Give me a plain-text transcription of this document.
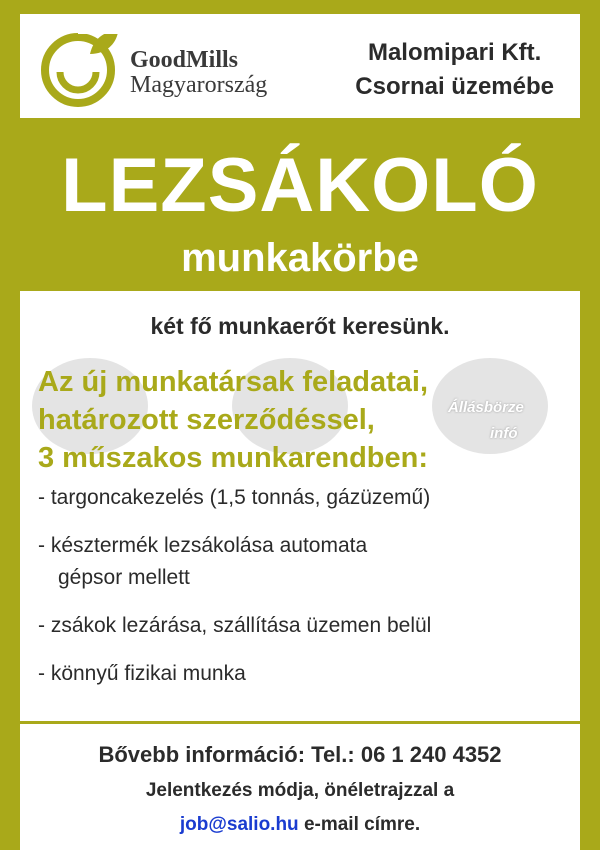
GoodMills
Magyarország
Malomipari Kft.
Csornai üzemébe
LEZSÁKOLÓ
munkakörbe
két fő munkaerőt keresünk.
Állásbörze
infó
Az új munkatársak feladatai,
határozott szerződéssel,
3 műszakos munkarendben:
- targoncakezelés (1,5 tonnás, gázüzemű)
- késztermék lezsákolása automata
gépsor mellett
- zsákok lezárása, szállítása üzemen belül
- könnyű fizikai munka
Bővebb információ: Tel.: 06 1 240 4352
Jelentkezés módja, önéletrajzzal a
job@salio.hu e-mail címre.
